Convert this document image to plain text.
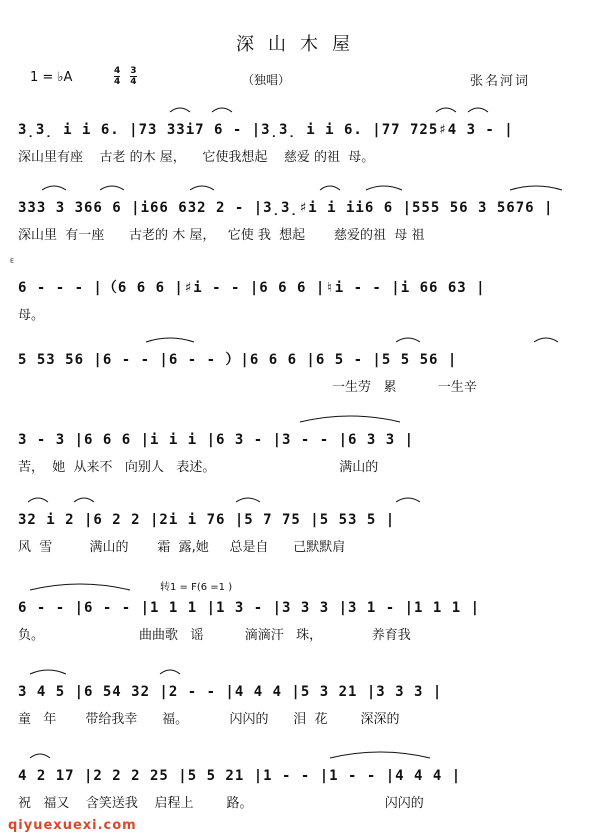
深山木屋
1 = ♭A	$\frac{4}{4} \frac{3}{4}$	（独唱）	张名河词
3̣3̣ i i 6. |73 33i7 6 - |3̣3̣ i i 6. |77 725♯4 3 - |
深山里有座    古老 的木 屋，    它使我想起    慈爱 的祖  母。
333 3 366 6 |i66 632 2 - |3̣3̣♯i i ii6 6 |555 56 3 5676 |
深山里  有一座      古老的 木 屋，   它使 我  想起       慈爱的祖  母 祖
ᴱ
6 - - - |（6 6 6 |♯i - - |6 6 6 |♮i - - |i 66 63 |
母。
5 53 56 |6 - - |6 - - ）|6 6 6 |6 5 - |5 5 56 |
一生劳   累          一生辛
3 - 3 |6 6 6 |i i i |6 3 - |3 - - |6 3 3 |
苦，  她  从来不   向别人   表述。                              满山的
32 i 2 |6 2 2 |2i i 76 |5 7 75 |5 53 5 |
风  雪         满山的       霜  露,她     总是自      己默默肩
转1 = F(6 =1 )
6 - - |6 - - |1 1 1 |1 3 - |3 3 3 |3 1 - |1 1 1 |
负。                       曲曲歌   谣          滴滴汗   珠，            养育我
3 4 5 |6 54 32 |2 - - |4 4 4 |5 3 21 |3 3 3 |
童   年       带给我幸      福。          闪闪的      泪  花        深深的
4 2 17 |2 2 2 25 |5 5 21 |1 - - |1 - - |4 4 4 |
祝   福又    含笑送我    启程上        路。                                闪闪的
qiyuexuexi.com
